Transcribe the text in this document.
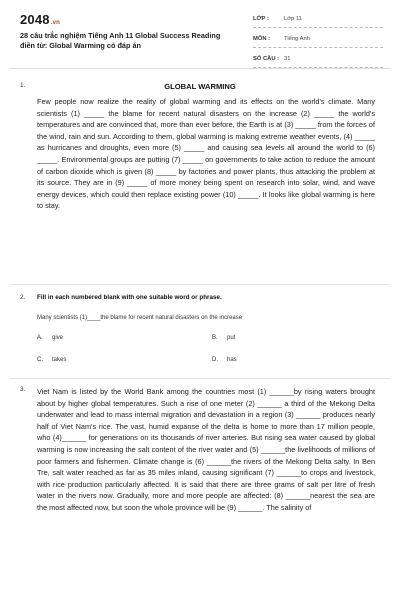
2048.vn
28 câu trắc nghiệm Tiếng Anh 11 Global Success Reading điền từ: Global Warming có đáp án
LỚP :	Lớp 11
MÔN : Tiếng Anh
SỐ CÂU : 31
1.	GLOBAL WARMING
Few people now realize the reality of global warming and its effects on the world's climate. Many scientists (1) _____ the blame for recent natural disasters on the increase (2) _____ the world's temperatures and are convinced that, more than ever before, the Earth is at (3) _____ from the forces of the wind, rain and sun. According to them, global warming is making extreme weather events, (4) _____ as hurricanes and droughts, even more (5) _____ and causing sea levels all around the world to (6) _____. Environmental groups are putting (7) _____ on governments to take action to reduce the amount of carbon dioxide which is given (8) _____ by factories and power plants, thus attacking the problem at its source. They are in (9) _____ of more money being spent on research into solar, wind, and wave energy devices, which could then replace existing power (10) _____. It looks like global warming is here to stay.
2. Fill in each numbered blank with one suitable word or phrase.
Many scientists (1)____the blame for recent natural disasters on the increase
A. give	B. put
C. takes	D. has
3. Viet Nam is listed by the World Bank among the countries most (1) ______by rising waters brought about by higher global temperatures. Such a rise of one meter (2) ______ a third of the Mekong Delta underwater and lead to mass internal migration and devastation in a region (3) ______ produces nearly half of Viet Nam's rice. The vast, humid expanse of the delta is home to more than 17 million people, who (4)______ for generations on its thousands of river arteries. But rising sea water caused by global warming is now increasing the salt content of the river water and (5) ______the livelihoods of millions of poor farmers and fishermen. Climate change is (6) ______the rivers of the Mekong Delta salty. In Ben Tre, salt water reached as far as 35 miles inland, causing significant (7) ______to crops and livestock, with rice production particularly affected. It is said that there are three grams of salt per litre of fresh water in the rivers now. Gradually, more and more people are affected: (8) ______nearest the sea are the most affected now, but soon the whole province will be (9) ______. The salinity of
